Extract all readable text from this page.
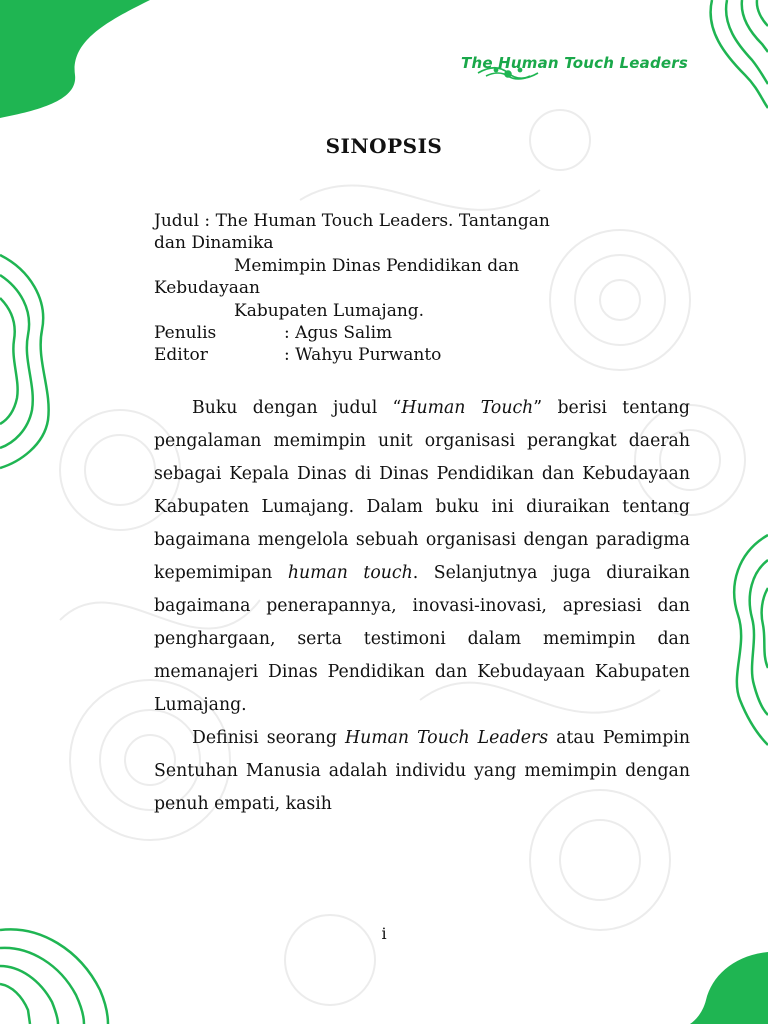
The Human Touch Leaders
SINOPSIS
Judul : The Human Touch Leaders. Tantangan
dan Dinamika
Memimpin Dinas Pendidikan dan
Kebudayaan
Kabupaten Lumajang.
Penulis	: Agus Salim
Editor	: Wahyu Purwanto

Buku dengan judul “Human Touch” berisi tentang pengalaman memimpin unit organisasi perangkat daerah sebagai Kepala Dinas di Dinas Pendidikan dan Kebudayaan Kabupaten Lumajang. Dalam buku ini diuraikan tentang bagaimana mengelola sebuah organisasi dengan paradigma kepemimipan human touch. Selanjutnya juga diuraikan bagaimana penerapannya, inovasi-inovasi, apresiasi dan penghargaan, serta testimoni dalam memimpin dan memanajeri Dinas Pendidikan dan Kebudayaan Kabupaten Lumajang.

Definisi seorang Human Touch Leaders atau Pemimpin Sentuhan Manusia adalah individu yang memimpin dengan penuh empati, kasih

i
